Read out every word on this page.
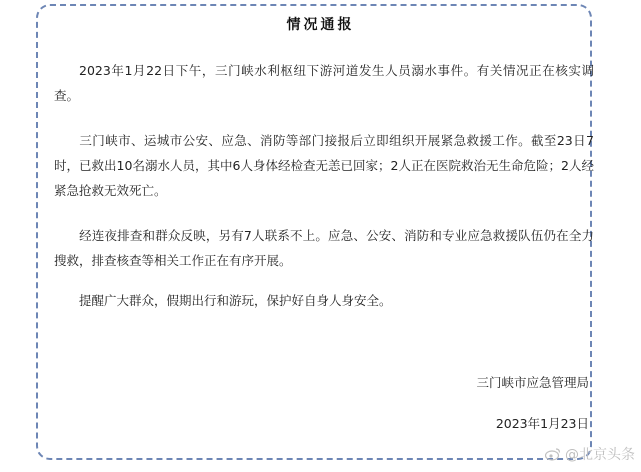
情况通报

2023年1月22日下午，三门峡水利枢纽下游河道发生人员溺水事件。有关情况正在核实调查。

三门峡市、运城市公安、应急、消防等部门接报后立即组织开展紧急救援工作。截至23日7时，已救出10名溺水人员，其中6人身体经检查无恙已回家；2人正在医院救治无生命危险；2人经紧急抢救无效死亡。

经连夜排查和群众反映，另有7人联系不上。应急、公安、消防和专业应急救援队伍仍在全力搜救，排查核查等相关工作正在有序开展。

提醒广大群众，假期出行和游玩，保护好自身人身安全。

三门峡市应急管理局
2023年1月23日
@北京头条
